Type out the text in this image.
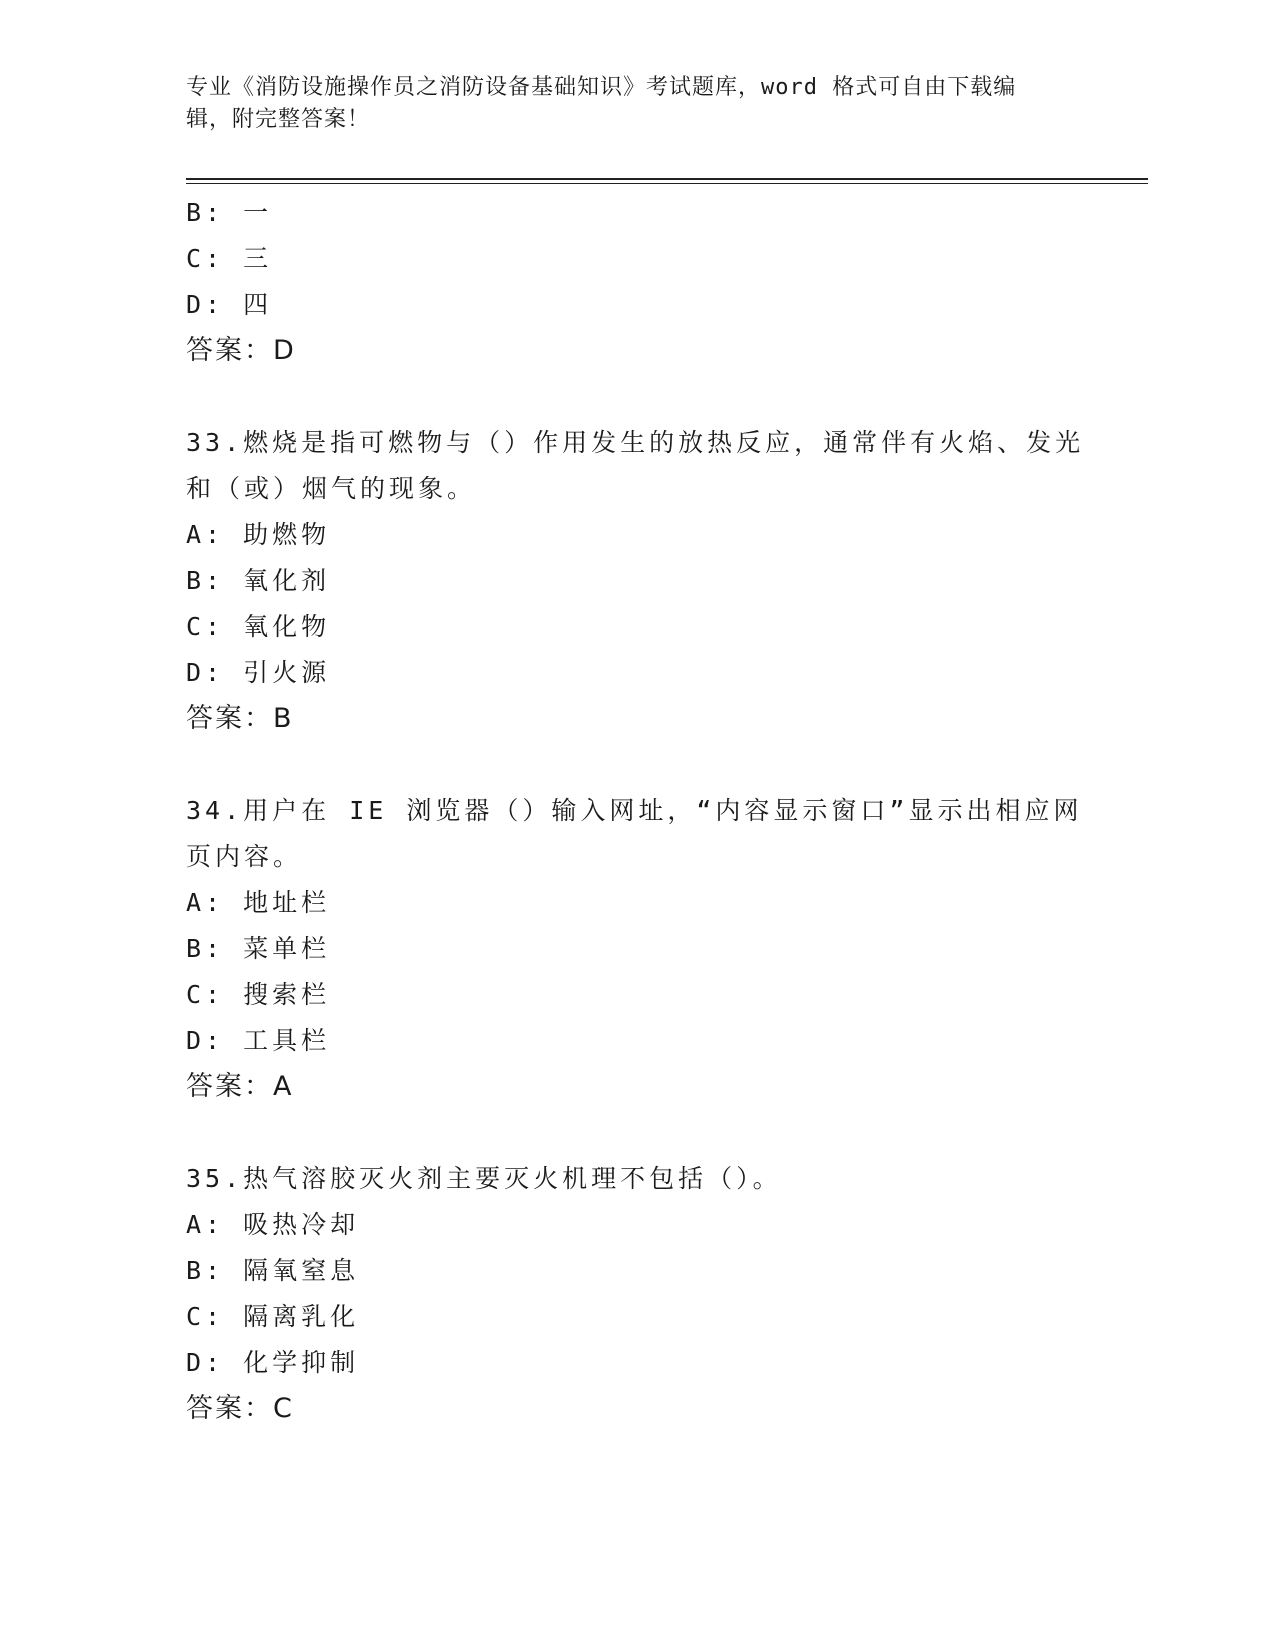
专业《消防设施操作员之消防设备基础知识》考试题库，word 格式可自由下载编
辑，附完整答案！
B: 一
C: 三
D: 四
答案：D
33.燃烧是指可燃物与（）作用发生的放热反应，通常伴有火焰、发光
和（或）烟气的现象。
A: 助燃物
B: 氧化剂
C: 氧化物
D: 引火源
答案：B
34.用户在 IE 浏览器（）输入网址，“内容显示窗口”显示出相应网
页内容。
A: 地址栏
B: 菜单栏
C: 搜索栏
D: 工具栏
答案：A
35.热气溶胶灭火剂主要灭火机理不包括（）。
A: 吸热冷却
B: 隔氧窒息
C: 隔离乳化
D: 化学抑制
答案：C
